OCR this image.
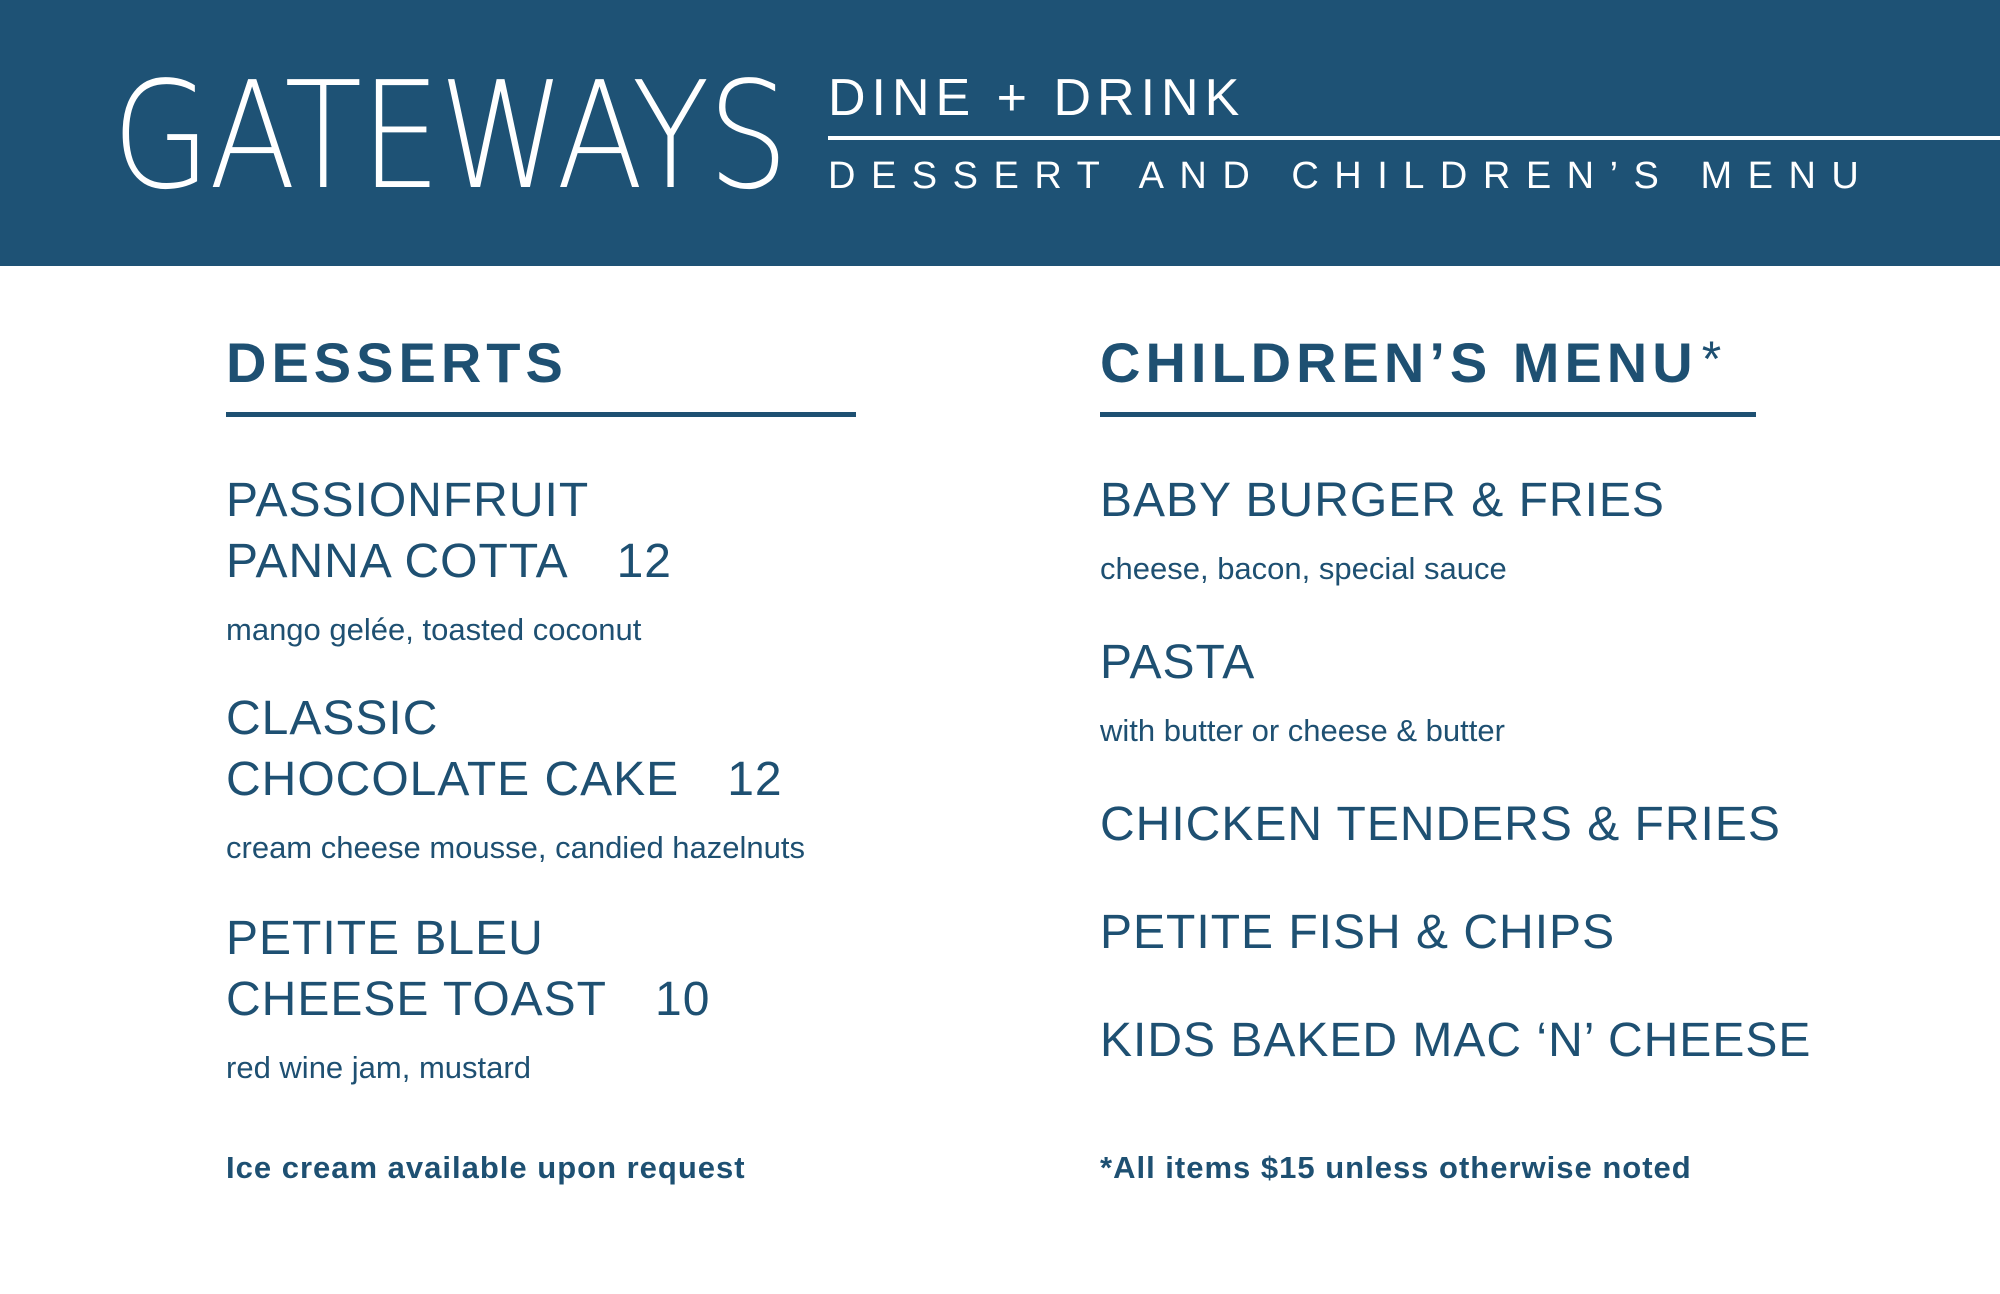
GATEWAYS DINE + DRINK
DESSERT AND CHILDREN’S MENU
DESSERTS
PASSIONFRUIT
PANNA COTTA 12
mango gelée, toasted coconut
CLASSIC
CHOCOLATE CAKE 12
cream cheese mousse, candied hazelnuts
PETITE BLEU
CHEESE TOAST 10
red wine jam, mustard
Ice cream available upon request
CHILDREN’S MENU*
BABY BURGER & FRIES
cheese, bacon, special sauce
PASTA
with butter or cheese & butter
CHICKEN TENDERS & FRIES
PETITE FISH & CHIPS
KIDS BAKED MAC ‘N’ CHEESE
*All items $15 unless otherwise noted
